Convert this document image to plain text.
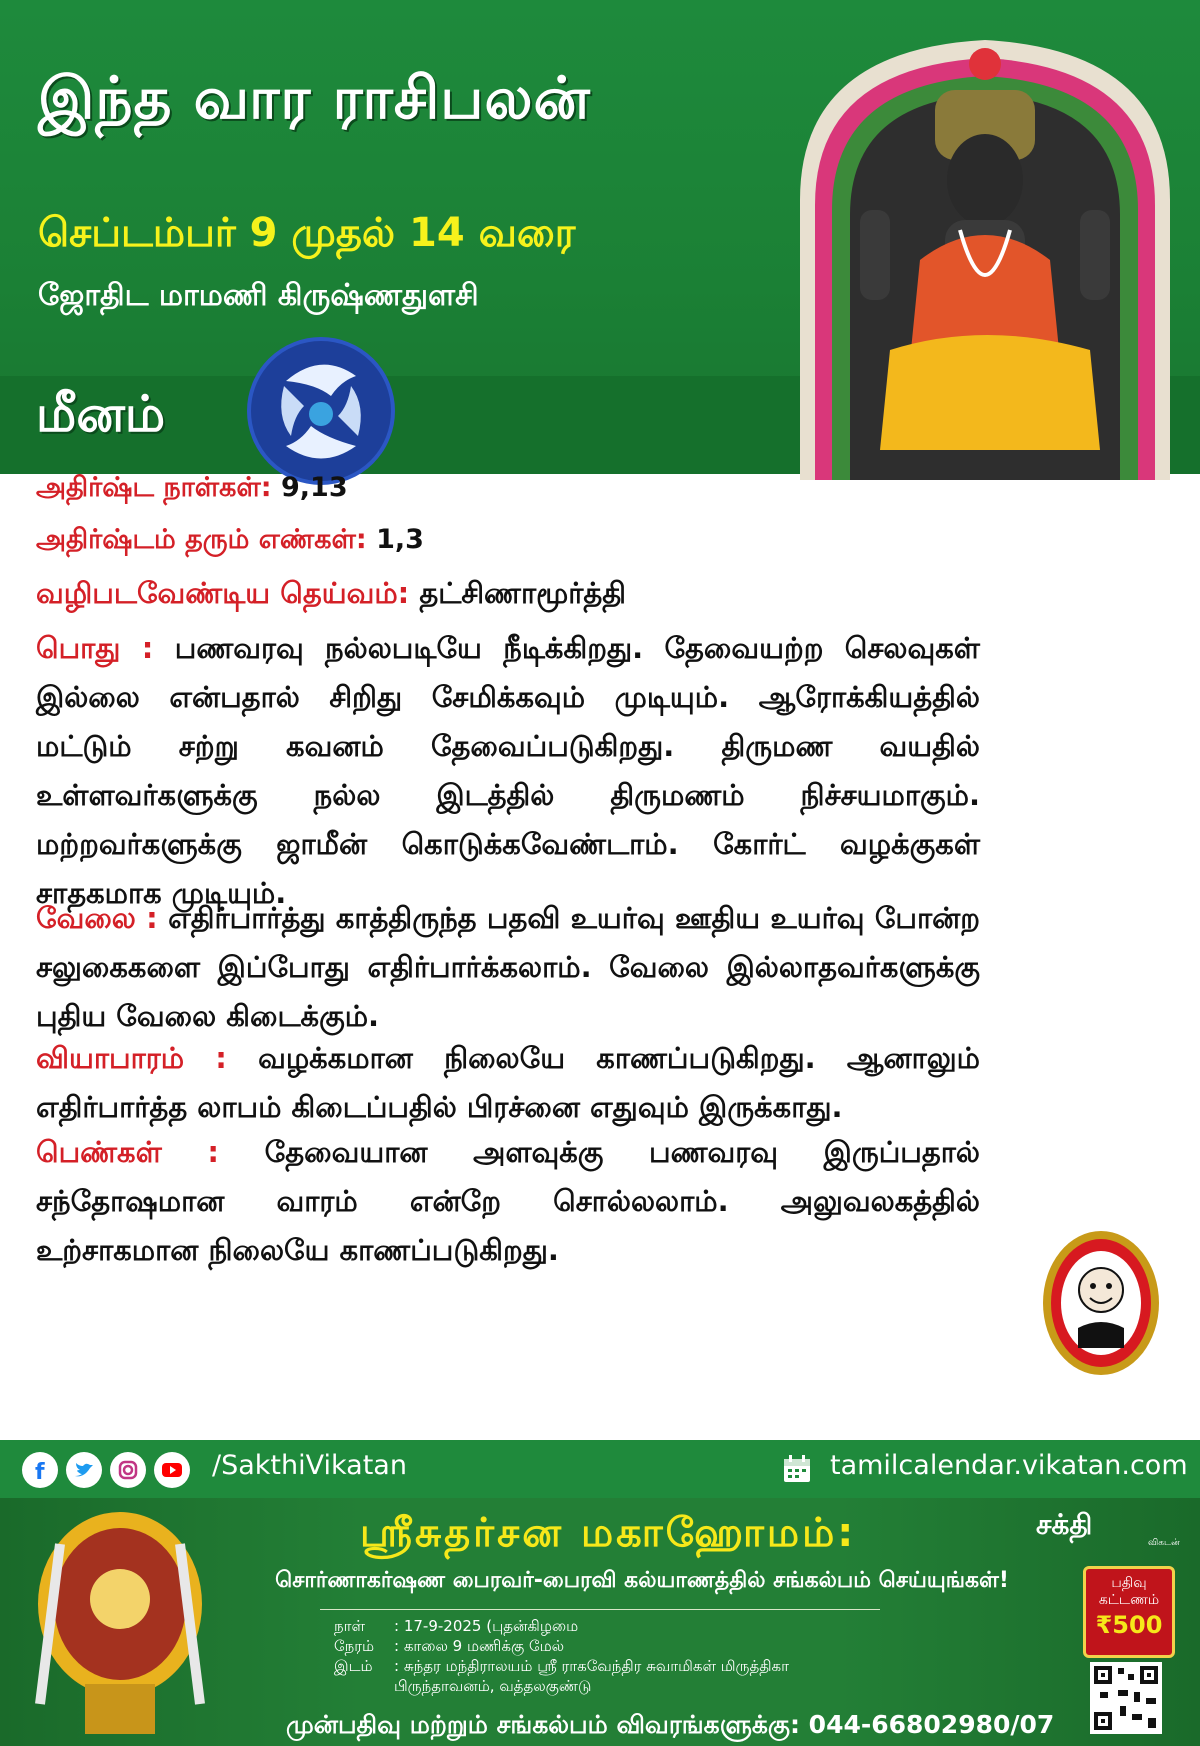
இந்த வார ராசிபலன்
செப்டம்பர் 9 முதல் 14 வரை
ஜோதிட மாமணி கிருஷ்ணதுளசி
மீனம்
அதிர்ஷ்ட நாள்கள்: 9,13
அதிர்ஷ்டம் தரும் எண்கள்: 1,3
வழிபடவேண்டிய தெய்வம்: தட்சிணாமூர்த்தி
பொது : பணவரவு நல்லபடியே நீடிக்கிறது. தேவையற்ற செலவுகள் இல்லை என்பதால் சிறிது சேமிக்கவும் முடியும். ஆரோக்கியத்தில் மட்டும் சற்று கவனம் தேவைப்படுகிறது. திருமண வயதில் உள்ளவர்களுக்கு நல்ல இடத்தில் திருமணம் நிச்சயமாகும். மற்றவர்களுக்கு ஜாமீன் கொடுக்கவேண்டாம். கோர்ட் வழக்குகள் சாதகமாக முடியும்.
வேலை : எதிர்பார்த்து காத்திருந்த பதவி உயர்வு ஊதிய உயர்வு போன்ற சலுகைகளை இப்போது எதிர்பார்க்கலாம். வேலை இல்லாதவர்களுக்கு புதிய வேலை கிடைக்கும்.
வியாபாரம் : வழக்கமான நிலையே காணப்படுகிறது. ஆனாலும் எதிர்பார்த்த லாபம் கிடைப்பதில் பிரச்னை எதுவும் இருக்காது.
பெண்கள் : தேவையான அளவுக்கு பணவரவு இருப்பதால் சந்தோஷமான வாரம் என்றே சொல்லலாம். அலுவலகத்தில் உற்சாகமான நிலையே காணப்படுகிறது.
f	/SakthiVikatan	tamilcalendar.vikatan.com
ஸ்ரீசுதர்சன மகாஹோமம்:
சொர்ணாகர்ஷண பைரவர்-பைரவி கல்யாணத்தில் சங்கல்பம் செய்யுங்கள்!
நாள் : 17-9-2025 (புதன்கிழமை
நேரம் : காலை 9 மணிக்கு மேல்
இடம் : சுந்தர மந்திராலயம் ஸ்ரீ ராகவேந்திர சுவாமிகள் மிருத்திகா
பிருந்தாவனம், வத்தலகுண்டு
முன்பதிவு மற்றும் சங்கல்பம் விவரங்களுக்கு: 044-66802980/07
சக்தி
விகடன்
பதிவு கட்டணம்
₹500
